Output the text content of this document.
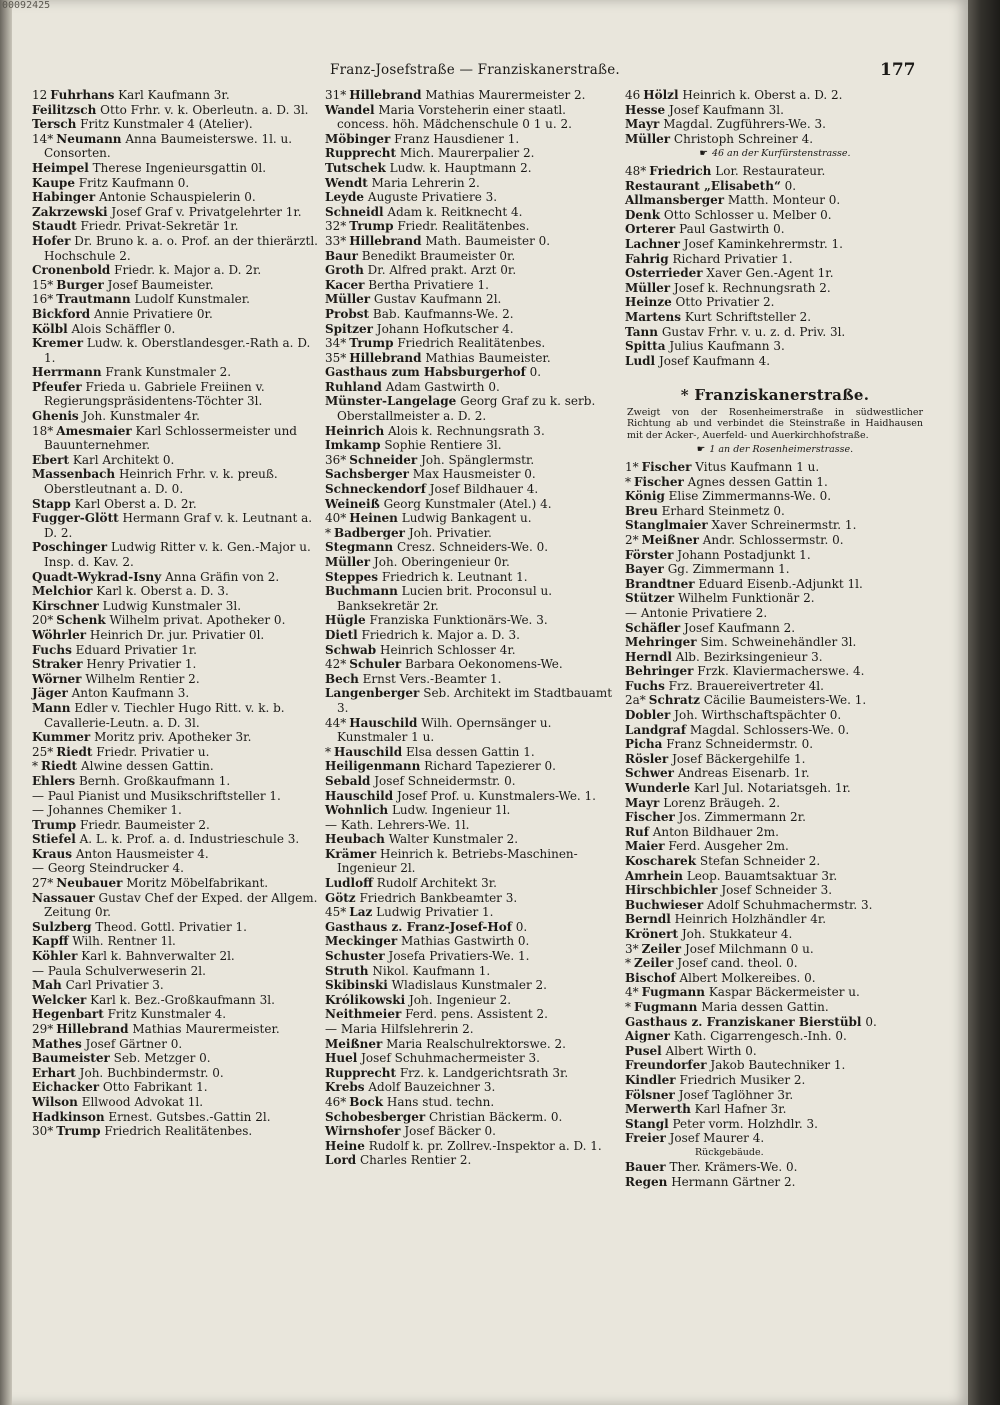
00092425
Franz-Josefstraße — Franziskanerstraße.	177

12 Fuhrhans Karl Kaufmann 3r.

Feilitzsch Otto Frhr. v. k. Oberleutn. a. D. 3l.

Tersch Fritz Kunstmaler 4 (Atelier).

14* Neumann Anna Baumeisterswe. 1l. u. Consorten.

Heimpel Therese Ingenieursgattin 0l.

Kaupe Fritz Kaufmann 0.

Habinger Antonie Schauspielerin 0.

Zakrzewski Josef Graf v. Privatgelehrter 1r.

Staudt Friedr. Privat-Sekretär 1r.

Hofer Dr. Bruno k. a. o. Prof. an der thierärztl. Hochschule 2.

Cronenbold Friedr. k. Major a. D. 2r.

15* Burger Josef Baumeister.

16* Trautmann Ludolf Kunstmaler.

Bickford Annie Privatiere 0r.

Kölbl Alois Schäffler 0.

Kremer Ludw. k. Oberstlandesger.-Rath a. D. 1.

Herrmann Frank Kunstmaler 2.

Pfeufer Frieda u. Gabriele Freiinen v. Regierungspräsidentens-Töchter 3l.

Ghenis Joh. Kunstmaler 4r.

18* Amesmaier Karl Schlossermeister und Bauunternehmer.

Ebert Karl Architekt 0.

Massenbach Heinrich Frhr. v. k. preuß. Oberstleutnant a. D. 0.

Stapp Karl Oberst a. D. 2r.

Fugger-Glött Hermann Graf v. k. Leutnant a. D. 2.

Poschinger Ludwig Ritter v. k. Gen.-Major u. Insp. d. Kav. 2.

Quadt-Wykrad-Isny Anna Gräfin von 2.

Melchior Karl k. Oberst a. D. 3.

Kirschner Ludwig Kunstmaler 3l.

20* Schenk Wilhelm privat. Apotheker 0.

Wöhrler Heinrich Dr. jur. Privatier 0l.

Fuchs Eduard Privatier 1r.

Straker Henry Privatier 1.

Wörner Wilhelm Rentier 2.

Jäger Anton Kaufmann 3.

Mann Edler v. Tiechler Hugo Ritt. v. k. b. Cavallerie-Leutn. a. D. 3l.

Kummer Moritz priv. Apotheker 3r.

25* Riedt Friedr. Privatier u.

* Riedt Alwine dessen Gattin.

Ehlers Bernh. Großkaufmann 1.

— Paul Pianist und Musikschriftsteller 1.

— Johannes Chemiker 1.

Trump Friedr. Baumeister 2.

Stiefel A. L. k. Prof. a. d. Industrieschule 3.

Kraus Anton Hausmeister 4.

— Georg Steindrucker 4.

27* Neubauer Moritz Möbelfabrikant.

Nassauer Gustav Chef der Exped. der Allgem. Zeitung 0r.

Sulzberg Theod. Gottl. Privatier 1.

Kapff Wilh. Rentner 1l.

Köhler Karl k. Bahnverwalter 2l.

— Paula Schulverweserin 2l.

Mah Carl Privatier 3.

Welcker Karl k. Bez.-Großkaufmann 3l.

Hegenbart Fritz Kunstmaler 4.

29* Hillebrand Mathias Maurermeister.

Mathes Josef Gärtner 0.

Baumeister Seb. Metzger 0.

Erhart Joh. Buchbindermstr. 0.

Eichacker Otto Fabrikant 1.

Wilson Ellwood Advokat 1l.

Hadkinson Ernest. Gutsbes.-Gattin 2l.

30* Trump Friedrich Realitätenbes.

31* Hillebrand Mathias Maurermeister 2.

Wandel Maria Vorsteherin einer staatl. concess. höh. Mädchenschule 0 1 u. 2.

Möbinger Franz Hausdiener 1.

Rupprecht Mich. Maurerpalier 2.

Tutschek Ludw. k. Hauptmann 2.

Wendt Maria Lehrerin 2.

Leyde Auguste Privatiere 3.

Schneidl Adam k. Reitknecht 4.

32* Trump Friedr. Realitätenbes.

33* Hillebrand Math. Baumeister 0.

Baur Benedikt Braumeister 0r.

Groth Dr. Alfred prakt. Arzt 0r.

Kacer Bertha Privatiere 1.

Müller Gustav Kaufmann 2l.

Probst Bab. Kaufmanns-We. 2.

Spitzer Johann Hofkutscher 4.

34* Trump Friedrich Realitätenbes.

35* Hillebrand Mathias Baumeister.

Gasthaus zum Habsburgerhof 0.

Ruhland Adam Gastwirth 0.

Münster-Langelage Georg Graf zu k. serb. Oberstallmeister a. D. 2.

Heinrich Alois k. Rechnungsrath 3.

Imkamp Sophie Rentiere 3l.

36* Schneider Joh. Spänglermstr.

Sachsberger Max Hausmeister 0.

Schneckendorf Josef Bildhauer 4.

Weineiß Georg Kunstmaler (Atel.) 4.

40* Heinen Ludwig Bankagent u.

* Badberger Joh. Privatier.

Stegmann Cresz. Schneiders-We. 0.

Müller Joh. Oberingenieur 0r.

Steppes Friedrich k. Leutnant 1.

Buchmann Lucien brit. Proconsul u. Banksekretär 2r.

Hügle Franziska Funktionärs-We. 3.

Dietl Friedrich k. Major a. D. 3.

Schwab Heinrich Schlosser 4r.

42* Schuler Barbara Oekonomens-We.

Bech Ernst Vers.-Beamter 1.

Langenberger Seb. Architekt im Stadtbauamt 3.

44* Hauschild Wilh. Opernsänger u. Kunstmaler 1 u.

* Hauschild Elsa dessen Gattin 1.

Heiligenmann Richard Tapezierer 0.

Sebald Josef Schneidermstr. 0.

Hauschild Josef Prof. u. Kunstmalers-We. 1.

Wohnlich Ludw. Ingenieur 1l.

— Kath. Lehrers-We. 1l.

Heubach Walter Kunstmaler 2.

Krämer Heinrich k. Betriebs-Maschinen-Ingenieur 2l.

Ludloff Rudolf Architekt 3r.

Götz Friedrich Bankbeamter 3.

45* Laz Ludwig Privatier 1.

Gasthaus z. Franz-Josef-Hof 0.

Meckinger Mathias Gastwirth 0.

Schuster Josefa Privatiers-We. 1.

Struth Nikol. Kaufmann 1.

Skibinski Wladislaus Kunstmaler 2.

Królikowski Joh. Ingenieur 2.

Neithmeier Ferd. pens. Assistent 2.

— Maria Hilfslehrerin 2.

Meißner Maria Realschulrektorswe. 2.

Huel Josef Schuhmachermeister 3.

Rupprecht Frz. k. Landgerichtsrath 3r.

Krebs Adolf Bauzeichner 3.

46* Bock Hans stud. techn.

Schobesberger Christian Bäckerm. 0.

Wirnshofer Josef Bäcker 0.

Heine Rudolf k. pr. Zollrev.-Inspektor a. D. 1.

Lord Charles Rentier 2.

46 Hölzl Heinrich k. Oberst a. D. 2.

Hesse Josef Kaufmann 3l.

Mayr Magdal. Zugführers-We. 3.

Müller Christoph Schreiner 4.

☛ 46 an der Kurfürstenstrasse.

48* Friedrich Lor. Restaurateur.

Restaurant „Elisabeth“ 0.

Allmansberger Matth. Monteur 0.

Denk Otto Schlosser u. Melber 0.

Orterer Paul Gastwirth 0.

Lachner Josef Kaminkehrermstr. 1.

Fahrig Richard Privatier 1.

Osterrieder Xaver Gen.-Agent 1r.

Müller Josef k. Rechnungsrath 2.

Heinze Otto Privatier 2.

Martens Kurt Schriftsteller 2.

Tann Gustav Frhr. v. u. z. d. Priv. 3l.

Spitta Julius Kaufmann 3.

Ludl Josef Kaufmann 4.

* Franziskanerstraße.
Zweigt von der Rosenheimerstraße in südwestlicher Richtung ab und verbindet die Steinstraße in Haidhausen mit der Acker-, Auerfeld- und Auerkirchhofstraße.
☛ 1 an der Rosenheimerstrasse.

1* Fischer Vitus Kaufmann 1 u.

* Fischer Agnes dessen Gattin 1.

König Elise Zimmermanns-We. 0.

Breu Erhard Steinmetz 0.

Stanglmaier Xaver Schreinermstr. 1.

2* Meißner Andr. Schlossermstr. 0.

Förster Johann Postadjunkt 1.

Bayer Gg. Zimmermann 1.

Brandtner Eduard Eisenb.-Adjunkt 1l.

Stützer Wilhelm Funktionär 2.

— Antonie Privatiere 2.

Schäfler Josef Kaufmann 2.

Mehringer Sim. Schweinehändler 3l.

Herndl Alb. Bezirksingenieur 3.

Behringer Frzk. Klaviermacherswe. 4.

Fuchs Frz. Brauereivertreter 4l.

2a* Schratz Cäcilie Baumeisters-We. 1.

Dobler Joh. Wirthschaftspächter 0.

Landgraf Magdal. Schlossers-We. 0.

Picha Franz Schneidermstr. 0.

Rösler Josef Bäckergehilfe 1.

Schwer Andreas Eisenarb. 1r.

Wunderle Karl Jul. Notariatsgeh. 1r.

Mayr Lorenz Bräugeh. 2.

Fischer Jos. Zimmermann 2r.

Ruf Anton Bildhauer 2m.

Maier Ferd. Ausgeher 2m.

Koscharek Stefan Schneider 2.

Amrhein Leop. Bauamtsaktuar 3r.

Hirschbichler Josef Schneider 3.

Buchwieser Adolf Schuhmachermstr. 3.

Berndl Heinrich Holzhändler 4r.

Krönert Joh. Stukkateur 4.

3* Zeiler Josef Milchmann 0 u.

* Zeiler Josef cand. theol. 0.

Bischof Albert Molkereibes. 0.

4* Fugmann Kaspar Bäckermeister u.

* Fugmann Maria dessen Gattin.

Gasthaus z. Franziskaner Bierstübl 0.

Aigner Kath. Cigarrengesch.-Inh. 0.

Pusel Albert Wirth 0.

Freundorfer Jakob Bautechniker 1.

Kindler Friedrich Musiker 2.

Fölsner Josef Taglöhner 3r.

Merwerth Karl Hafner 3r.

Stangl Peter vorm. Holzhdlr. 3.

Freier Josef Maurer 4.

Rückgebäude.

Bauer Ther. Krämers-We. 0.

Regen Hermann Gärtner 2.
